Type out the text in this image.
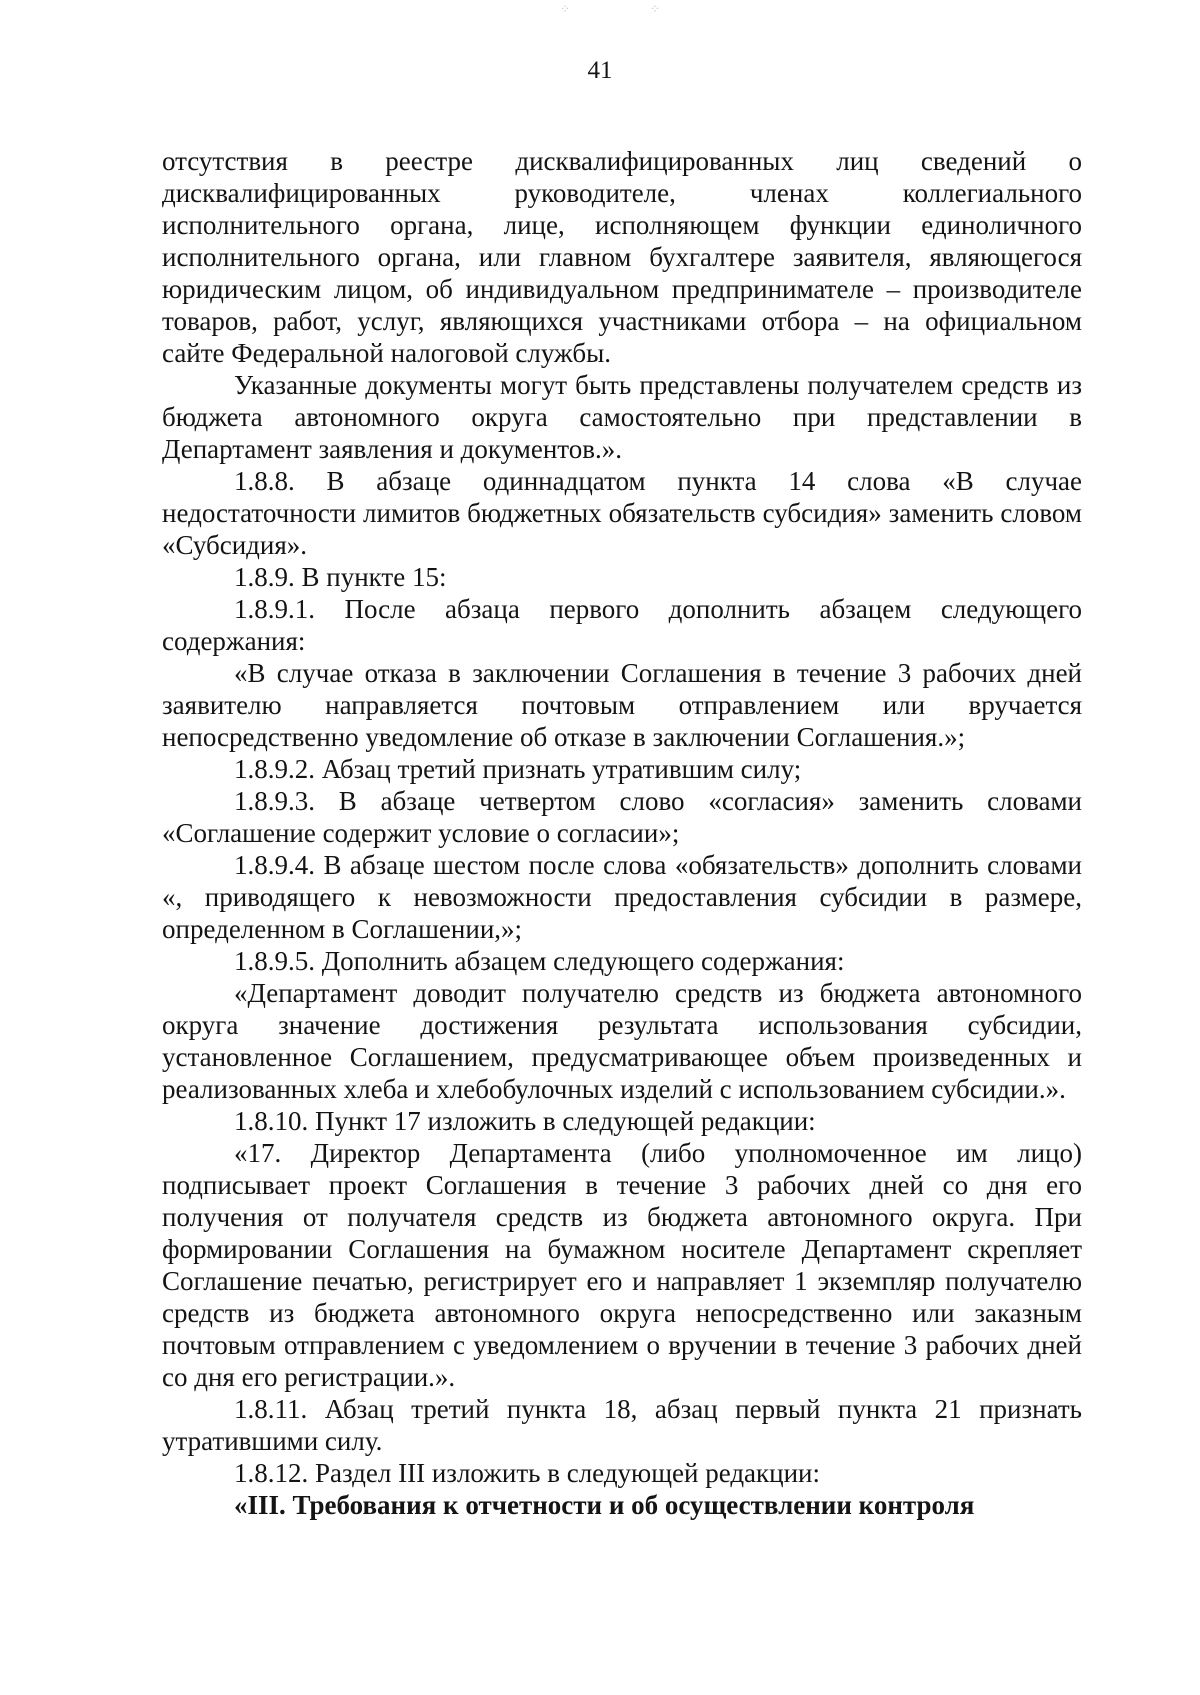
⁘	⁘
41

отсутствия в реестре дисквалифицированных лиц сведений о дисквалифицированных руководителе, членах коллегиального исполнительного органа, лице, исполняющем функции единоличного исполнительного органа, или главном бухгалтере заявителя, являющегося юридическим лицом, об индивидуальном предпринимателе – производителе товаров, работ, услуг, являющихся участниками отбора – на официальном сайте Федеральной налоговой службы.

Указанные документы могут быть представлены получателем средств из бюджета автономного округа самостоятельно при представлении в Департамент заявления и документов.».

1.8.8. В абзаце одиннадцатом пункта 14 слова «В случае недостаточности лимитов бюджетных обязательств субсидия» заменить словом «Субсидия».

1.8.9. В пункте 15:

1.8.9.1. После абзаца первого дополнить абзацем следующего содержания:

«В случае отказа в заключении Соглашения в течение 3 рабочих дней заявителю направляется почтовым отправлением или вручается непосредственно уведомление об отказе в заключении Соглашения.»;

1.8.9.2. Абзац третий признать утратившим силу;

1.8.9.3. В абзаце четвертом слово «согласия» заменить словами «Соглашение содержит условие о согласии»;

1.8.9.4. В абзаце шестом после слова «обязательств» дополнить словами «, приводящего к невозможности предоставления субсидии в размере, определенном в Соглашении,»;

1.8.9.5. Дополнить абзацем следующего содержания:

«Департамент доводит получателю средств из бюджета автономного округа значение достижения результата использования субсидии, установленное Соглашением, предусматривающее объем произведенных и реализованных хлеба и хлебобулочных изделий с использованием субсидии.».

1.8.10. Пункт 17 изложить в следующей редакции:

«17. Директор Департамента (либо уполномоченное им лицо) подписывает проект Соглашения в течение 3 рабочих дней со дня его получения от получателя средств из бюджета автономного округа. При формировании Соглашения на бумажном носителе Департамент скрепляет Соглашение печатью, регистрирует его и направляет 1 экземпляр получателю средств из бюджета автономного округа непосредственно или заказным почтовым отправлением с уведомлением о вручении в течение 3 рабочих дней со дня его регистрации.».

1.8.11. Абзац третий пункта 18, абзац первый пункта 21 признать утратившими силу.

1.8.12. Раздел III изложить в следующей редакции:

«III. Требования к отчетности и об осуществлении контроля
